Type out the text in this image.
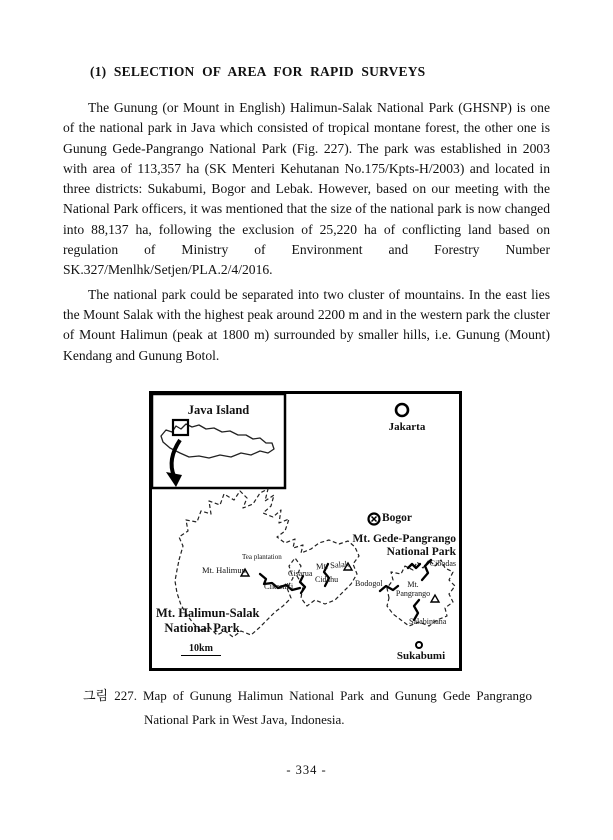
(1) SELECTION OF AREA FOR RAPID SURVEYS

The Gunung (or Mount in English) Halimun-Salak National Park (GHSNP) is one of the national park in Java which consisted of tropical montane forest, the other one is Gunung Gede-Pangrango National Park (Fig. 227). The park was established in 2003 with area of 113,357 ha (SK Menteri Kehutanan No.175/Kpts-H/2003) and located in three districts: Sukabumi, Bogor and Lebak. However, based on our meeting with the National Park officers, it was mentioned that the size of the national park is now changed into 88,137 ha, following the exclusion of 25,220 ha of conflicting land based on regulation of Ministry of Environment and Forestry Number SK.327/Menlhk/Setjen/PLA.2/4/2016.

The national park could be separated into two cluster of mountains. In the east lies the Mount Salak with the highest peak around 2200 m and in the western park the cluster of Mount Halimun (peak at 1800 m) surrounded by smaller hills, i.e. Gunung (Mount) Kendang and Gunung Botol.

Java Island
Jakarta
Bogor
Mt. Gede-Pangrango
National Park
Cibodas
Tea plantation
Mt. Halimun	Mt. Salak
Cisarua
Cidahu
Cikaniki	Bodogol	Mt.
Pangrango
Salabintana
Mt. Halimun-Salak
National Park
10km
Sukabumi
그림 227. Map of Gunung Halimun National Park and Gunung Gede Pangrango National Park in West Java, Indonesia.
- 334 -
